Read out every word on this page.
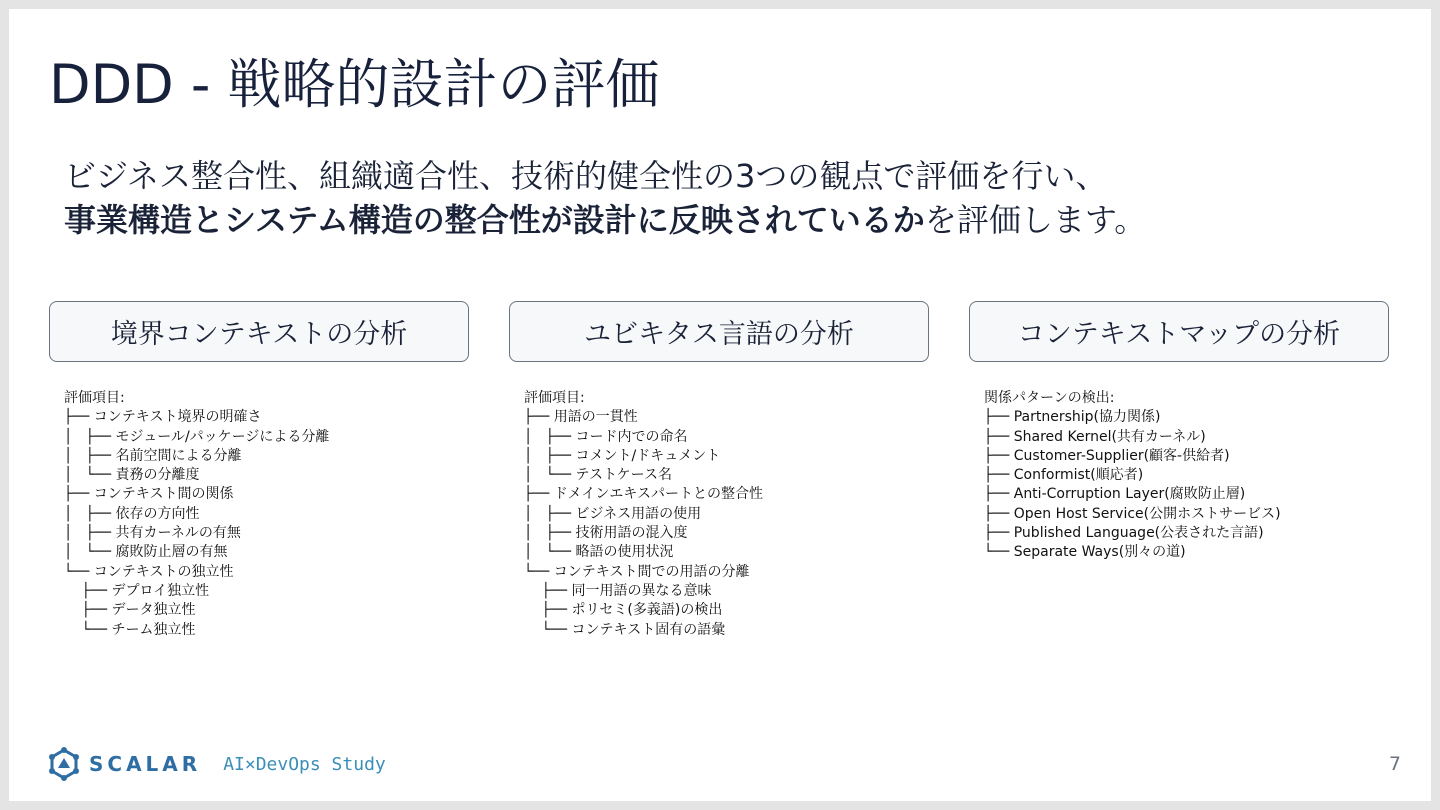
DDD - 戦略的設計の評価
ビジネス整合性、組織適合性、技術的健全性の3つの観点で評価を行い、
事業構造とシステム構造の整合性が設計に反映されているかを評価します。
境界コンテキストの分析	ユビキタス言語の分析	コンテキストマップの分析
評価項目:
├── コンテキスト境界の明確さ
│   ├── モジュール/パッケージによる分離
│   ├── 名前空間による分離
│   └── 責務の分離度
├── コンテキスト間の関係
│   ├── 依存の方向性
│   ├── 共有カーネルの有無
│   └── 腐敗防止層の有無
└── コンテキストの独立性
├── デプロイ独立性
├── データ独立性
└── チーム独立性
評価項目:
├── 用語の一貫性
│   ├── コード内での命名
│   ├── コメント/ドキュメント
│   └── テストケース名
├── ドメインエキスパートとの整合性
│   ├── ビジネス用語の使用
│   ├── 技術用語の混入度
│   └── 略語の使用状況
└── コンテキスト間での用語の分離
├── 同一用語の異なる意味
├── ポリセミ(多義語)の検出
└── コンテキスト固有の語彙
関係パターンの検出:
├── Partnership(協力関係)
├── Shared Kernel(共有カーネル)
├── Customer-Supplier(顧客-供給者)
├── Conformist(順応者)
├── Anti-Corruption Layer(腐敗防止層)
├── Open Host Service(公開ホストサービス)
├── Published Language(公表された言語)
└── Separate Ways(別々の道)
SCALAR AI×DevOps Study	7
